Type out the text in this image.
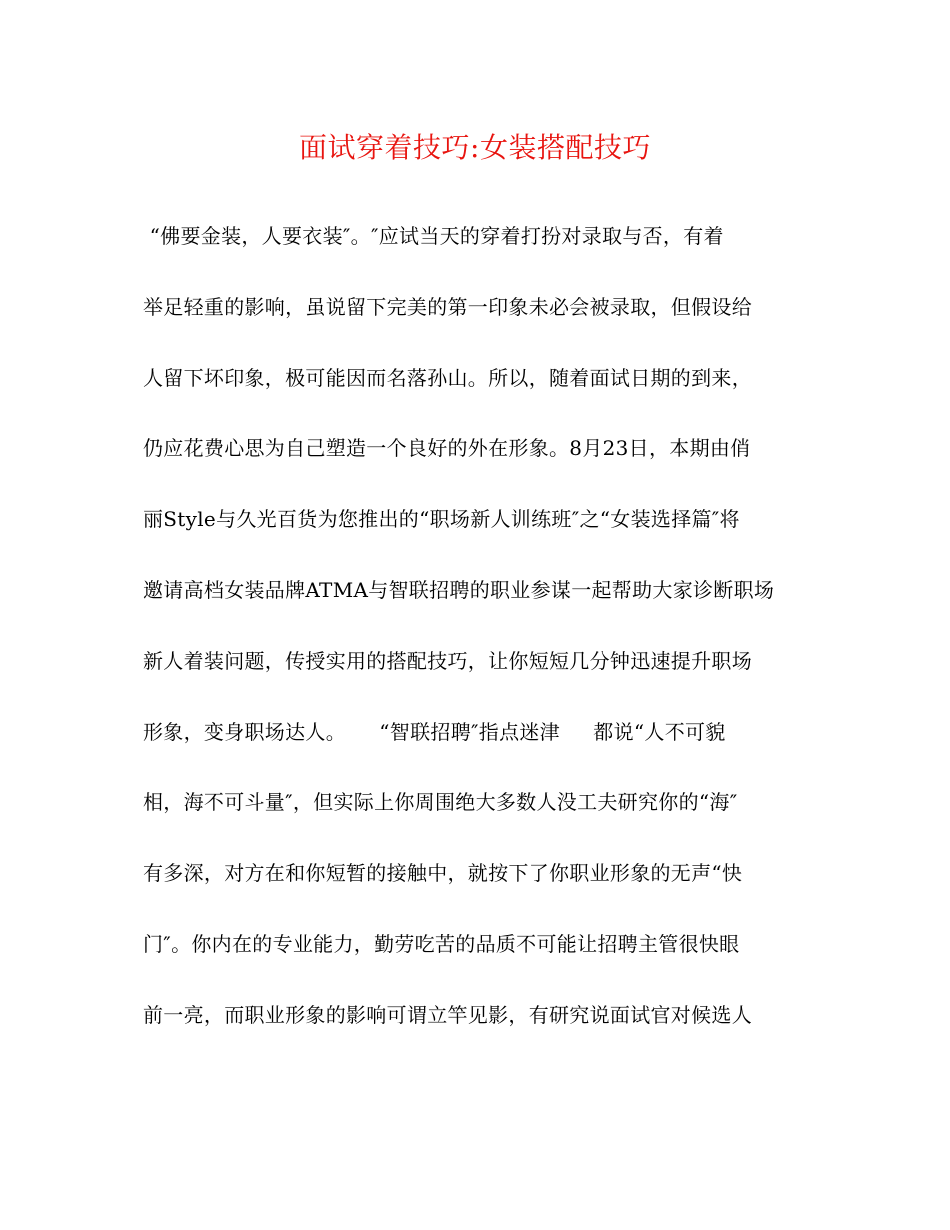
面试穿着技巧:女装搭配技巧
“佛要金装，人要衣装″。″应试当天的穿着打扮对录取与否，有着
举足轻重的影响，虽说留下完美的第一印象未必会被录取，但假设给
人留下坏印象，极可能因而名落孙山。所以，随着面试日期的到来，
仍应花费心思为自己塑造一个良好的外在形象。8月23日，本期由俏
丽Style与久光百货为您推出的“职场新人训练班″之“女装选择篇″将
邀请高档女装品牌ATMA与智联招聘的职业参谋一起帮助大家诊断职场
新人着装问题，传授实用的搭配技巧，让你短短几分钟迅速提升职场
形象，变身职场达人。     “智联招聘″指点迷津     都说“人不可貌
相，海不可斗量″，但实际上你周围绝大多数人没工夫研究你的“海″
有多深，对方在和你短暂的接触中，就按下了你职业形象的无声“快
门″。你内在的专业能力，勤劳吃苦的品质不可能让招聘主管很快眼
前一亮，而职业形象的影响可谓立竿见影，有研究说面试官对候选人
